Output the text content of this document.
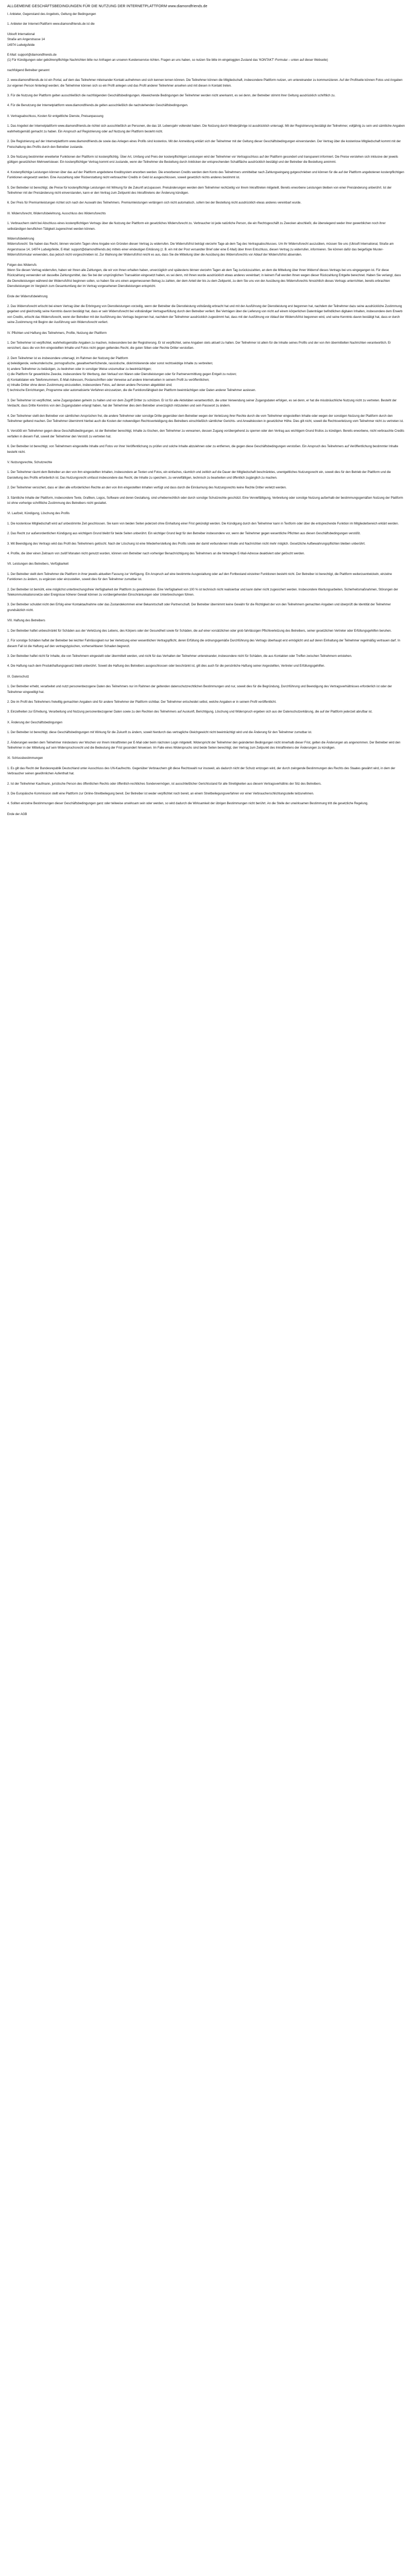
ALLGEMEINE GESCHÄFTSBEDINGUNGEN FÜR DIE NUTZUNG DER INTERNETPLATTFORM www.diamondfriends.de

I. Anbieter, Gegenstand des Angebots, Geltung der Bedingungen

1. Anbieter der Internet-Plattform www.diamondfriends.de ist die

Ubisoft International
Straße am Angerstrasse 14
14974 Ludwigsfelde

E-Mail: support@diamondfriends.de
(1) Für Kündigungen oder gebührenpflichtige Nachrichten bitte nur Anfragen an unseren Kundenservice richten. Fragen an uns haben, so nutzen Sie bitte im eingeloggten Zustand das 'KONTAKT'-Formular – unten auf dieser Webseite)

nachfolgend Betreiber genannt

2. www.diamondfriends.de ist ein Portal, auf dem das Teilnehmer miteinander Kontakt aufnehmen und sich kennen lernen können. Die Teilnehmer können die Mitgliedschaft, insbesondere Plattform nutzen, um untereinander zu kommunizieren. Auf der Profilseite können Fotos und Angaben zur eigenen Person hinterlegt werden; die Teilnehmer können sich so ein Profil anlegen und das Profil anderer Teilnehmer ansehen und mit diesen in Kontakt treten.

3. Für die Nutzung der Plattform gelten ausschließlich die nachfolgenden Geschäftsbedingungen. Abweichende Bedingungen der Teilnehmer werden nicht anerkannt, es sei denn, der Betreiber stimmt ihrer Geltung ausdrücklich schriftlich zu.

4. Für die Benutzung der Internetplattform www.diamondfriends.de gelten ausschließlich die nachstehenden Geschäftsbedingungen.

II. Vertragsabschluss, Kosten für entgeltliche Dienste, Preisanpassung

1. Das Angebot der Internetplattform www.diamondfriends.de richtet sich ausschließlich an Personen, die das 18. Lebensjahr vollendet haben. Die Nutzung durch Minderjährige ist ausdrücklich untersagt. Mit der Registrierung bestätigt der Teilnehmer, volljährig zu sein und sämtliche Angaben wahrheitsgemäß gemacht zu haben. Ein Anspruch auf Registrierung oder auf Nutzung der Plattform besteht nicht.

2. Die Registrierung auf der Internetplattform www.diamondfriends.de sowie das Anlegen eines Profils sind kostenlos. Mit der Anmeldung erklärt sich der Teilnehmer mit der Geltung dieser Geschäftsbedingungen einverstanden. Der Vertrag über die kostenlose Mitgliedschaft kommt mit der Freischaltung des Profils durch den Betreiber zustande.

3. Die Nutzung bestimmter erweiterter Funktionen der Plattform ist kostenpflichtig. Über Art, Umfang und Preis der kostenpflichtigen Leistungen wird der Teilnehmer vor Vertragsschluss auf der Plattform gesondert und transparent informiert. Die Preise verstehen sich inklusive der jeweils gültigen gesetzlichen Mehrwertsteuer. Ein kostenpflichtiger Vertrag kommt erst zustande, wenn der Teilnehmer die Bestellung durch Anklicken der entsprechenden Schaltfläche ausdrücklich bestätigt und der Betreiber die Bestellung annimmt.

4. Kostenpflichtige Leistungen können über das auf der Plattform angebotene Kreditsystem erworben werden. Die erworbenen Credits werden dem Konto des Teilnehmers unmittelbar nach Zahlungseingang gutgeschrieben und können für die auf der Plattform angebotenen kostenpflichtigen Funktionen eingesetzt werden. Eine Auszahlung oder Rückerstattung nicht verbrauchter Credits in Geld ist ausgeschlossen, soweit gesetzlich nichts anderes bestimmt ist.

5. Der Betreiber ist berechtigt, die Preise für kostenpflichtige Leistungen mit Wirkung für die Zukunft anzupassen. Preisänderungen werden dem Teilnehmer rechtzeitig vor ihrem Inkrafttreten mitgeteilt. Bereits erworbene Leistungen bleiben von einer Preisänderung unberührt. Ist der Teilnehmer mit der Preisänderung nicht einverstanden, kann er den Vertrag zum Zeitpunkt des Inkrafttretens der Änderung kündigen.

6. Der Preis für Premiumleistungen richtet sich nach der Auswahl des Teilnehmers. Premiumleistungen verlängern sich nicht automatisch, sofern bei der Bestellung nicht ausdrücklich etwas anderes vereinbart wurde.

III. Widerrufsrecht, Widerrufsbelehrung, Ausschluss des Widerrufsrechts

1. Verbrauchern steht bei Abschluss eines kostenpflichtigen Vertrags über die Nutzung der Plattform ein gesetzliches Widerrufsrecht zu. Verbraucher ist jede natürliche Person, die ein Rechtsgeschäft zu Zwecken abschließt, die überwiegend weder ihrer gewerblichen noch ihrer selbständigen beruflichen Tätigkeit zugerechnet werden können.

Widerrufsbelehrung
Widerrufsrecht: Sie haben das Recht, binnen vierzehn Tagen ohne Angabe von Gründen diesen Vertrag zu widerrufen. Die Widerrufsfrist beträgt vierzehn Tage ab dem Tag des Vertragsabschlusses. Um Ihr Widerrufsrecht auszuüben, müssen Sie uns (Ubisoft International, Straße am Angerstrasse 14, 14974 Ludwigsfelde, E-Mail: support@diamondfriends.de) mittels einer eindeutigen Erklärung (z. B. ein mit der Post versandter Brief oder eine E-Mail) über Ihren Entschluss, diesen Vertrag zu widerrufen, informieren. Sie können dafür das beigefügte Muster-Widerrufsformular verwenden, das jedoch nicht vorgeschrieben ist. Zur Wahrung der Widerrufsfrist reicht es aus, dass Sie die Mitteilung über die Ausübung des Widerrufsrechts vor Ablauf der Widerrufsfrist absenden.

Folgen des Widerrufs
Wenn Sie diesen Vertrag widerrufen, haben wir Ihnen alle Zahlungen, die wir von Ihnen erhalten haben, unverzüglich und spätestens binnen vierzehn Tagen ab dem Tag zurückzuzahlen, an dem die Mitteilung über Ihren Widerruf dieses Vertrags bei uns eingegangen ist. Für diese Rückzahlung verwenden wir dasselbe Zahlungsmittel, das Sie bei der ursprünglichen Transaktion eingesetzt haben, es sei denn, mit Ihnen wurde ausdrücklich etwas anderes vereinbart; in keinem Fall werden Ihnen wegen dieser Rückzahlung Entgelte berechnet. Haben Sie verlangt, dass die Dienstleistungen während der Widerrufsfrist beginnen sollen, so haben Sie uns einen angemessenen Betrag zu zahlen, der dem Anteil der bis zu dem Zeitpunkt, zu dem Sie uns von der Ausübung des Widerrufsrechts hinsichtlich dieses Vertrags unterrichten, bereits erbrachten Dienstleistungen im Vergleich zum Gesamtumfang der im Vertrag vorgesehenen Dienstleistungen entspricht.

Ende der Widerrufsbelehrung

2. Das Widerrufsrecht erlischt bei einem Vertrag über die Erbringung von Dienstleistungen vorzeitig, wenn der Betreiber die Dienstleistung vollständig erbracht hat und mit der Ausführung der Dienstleistung erst begonnen hat, nachdem der Teilnehmer dazu seine ausdrückliche Zustimmung gegeben und gleichzeitig seine Kenntnis davon bestätigt hat, dass er sein Widerrufsrecht bei vollständiger Vertragserfüllung durch den Betreiber verliert. Bei Verträgen über die Lieferung von nicht auf einem körperlichen Datenträger befindlichen digitalen Inhalten, insbesondere dem Erwerb von Credits, erlischt das Widerrufsrecht, wenn der Betreiber mit der Ausführung des Vertrags begonnen hat, nachdem der Teilnehmer ausdrücklich zugestimmt hat, dass mit der Ausführung vor Ablauf der Widerrufsfrist begonnen wird, und seine Kenntnis davon bestätigt hat, dass er durch seine Zustimmung mit Beginn der Ausführung sein Widerrufsrecht verliert.

IV. Pflichten und Haftung des Teilnehmers, Profile, Nutzung der Plattform

1. Der Teilnehmer ist verpflichtet, wahrheitsgemäße Angaben zu machen, insbesondere bei der Registrierung. Er ist verpflichtet, seine Angaben stets aktuell zu halten. Der Teilnehmer ist allein für die Inhalte seines Profils und der von ihm übermittelten Nachrichten verantwortlich. Er versichert, dass die von ihm eingestellten Inhalte und Fotos nicht gegen geltendes Recht, die guten Sitten oder Rechte Dritter verstoßen.

2. Dem Teilnehmer ist es insbesondere untersagt, im Rahmen der Nutzung der Plattform
a) beleidigende, verleumderische, pornografische, gewaltverherrlichende, rassistische, diskriminierende oder sonst rechtswidrige Inhalte zu verbreiten;
b) andere Teilnehmer zu belästigen, zu bedrohen oder in sonstiger Weise unzumutbar zu beeinträchtigen;
c) die Plattform für gewerbliche Zwecke, insbesondere für Werbung, den Verkauf von Waren oder Dienstleistungen oder für Partnervermittlung gegen Entgelt zu nutzen;
d) Kontaktdaten wie Telefonnummern, E-Mail-Adressen, Postanschriften oder Verweise auf andere Internetseiten in seinem Profil zu veröffentlichen;
e) Inhalte Dritter ohne deren Zustimmung einzustellen, insbesondere Fotos, auf denen andere Personen abgebildet sind;
f) technische Einrichtungen, Programme oder automatisierte Verfahren einzusetzen, die die Funktionsfähigkeit der Plattform beeinträchtigen oder Daten anderer Teilnehmer auslesen.

3. Der Teilnehmer ist verpflichtet, seine Zugangsdaten geheim zu halten und vor dem Zugriff Dritter zu schützen. Er ist für alle Aktivitäten verantwortlich, die unter Verwendung seiner Zugangsdaten erfolgen, es sei denn, er hat die missbräuchliche Nutzung nicht zu vertreten. Besteht der Verdacht, dass Dritte Kenntnis von den Zugangsdaten erlangt haben, hat der Teilnehmer dies dem Betreiber unverzüglich mitzuteilen und sein Passwort zu ändern.

4. Der Teilnehmer stellt den Betreiber von sämtlichen Ansprüchen frei, die andere Teilnehmer oder sonstige Dritte gegenüber dem Betreiber wegen der Verletzung ihrer Rechte durch die vom Teilnehmer eingestellten Inhalte oder wegen der sonstigen Nutzung der Plattform durch den Teilnehmer geltend machen. Der Teilnehmer übernimmt hierbei auch die Kosten der notwendigen Rechtsverteidigung des Betreibers einschließlich sämtlicher Gerichts- und Anwaltskosten in gesetzlicher Höhe. Dies gilt nicht, soweit die Rechtsverletzung vom Teilnehmer nicht zu vertreten ist.

5. Verstößt ein Teilnehmer gegen diese Geschäftsbedingungen, ist der Betreiber berechtigt, Inhalte zu löschen, den Teilnehmer zu verwarnen, dessen Zugang vorübergehend zu sperren oder den Vertrag aus wichtigem Grund fristlos zu kündigen. Bereits erworbene, nicht verbrauchte Credits verfallen in diesem Fall, soweit der Teilnehmer den Verstoß zu vertreten hat.

6. Der Betreiber ist berechtigt, von Teilnehmern eingestellte Inhalte und Fotos vor ihrer Veröffentlichung zu prüfen und solche Inhalte abzulehnen oder zu entfernen, die gegen diese Geschäftsbedingungen verstoßen. Ein Anspruch des Teilnehmers auf Veröffentlichung bestimmter Inhalte besteht nicht.

V. Nutzungsrechte, Schutzrechte

1. Der Teilnehmer räumt dem Betreiber an den von ihm eingestellten Inhalten, insbesondere an Texten und Fotos, ein einfaches, räumlich und zeitlich auf die Dauer der Mitgliedschaft beschränktes, unentgeltliches Nutzungsrecht ein, soweit dies für den Betrieb der Plattform und die Darstellung des Profils erforderlich ist. Das Nutzungsrecht umfasst insbesondere das Recht, die Inhalte zu speichern, zu vervielfältigen, technisch zu bearbeiten und öffentlich zugänglich zu machen.

2. Der Teilnehmer versichert, dass er über alle erforderlichen Rechte an den von ihm eingestellten Inhalten verfügt und dass durch die Einräumung des Nutzungsrechts keine Rechte Dritter verletzt werden.

3. Sämtliche Inhalte der Plattform, insbesondere Texte, Grafiken, Logos, Software und deren Gestaltung, sind urheberrechtlich oder durch sonstige Schutzrechte geschützt. Eine Vervielfältigung, Verbreitung oder sonstige Nutzung außerhalb der bestimmungsgemäßen Nutzung der Plattform ist ohne vorherige schriftliche Zustimmung des Betreibers nicht gestattet.

VI. Laufzeit, Kündigung, Löschung des Profils

1. Die kostenlose Mitgliedschaft wird auf unbestimmte Zeit geschlossen. Sie kann von beiden Seiten jederzeit ohne Einhaltung einer Frist gekündigt werden. Die Kündigung durch den Teilnehmer kann in Textform oder über die entsprechende Funktion im Mitgliederbereich erklärt werden.

2. Das Recht zur außerordentlichen Kündigung aus wichtigem Grund bleibt für beide Seiten unberührt. Ein wichtiger Grund liegt für den Betreiber insbesondere vor, wenn der Teilnehmer gegen wesentliche Pflichten aus diesen Geschäftsbedingungen verstößt.

3. Mit Beendigung des Vertrags wird das Profil des Teilnehmers gelöscht. Nach der Löschung ist eine Wiederherstellung des Profils sowie der damit verbundenen Inhalte und Nachrichten nicht mehr möglich. Gesetzliche Aufbewahrungspflichten bleiben unberührt.

4. Profile, die über einen Zeitraum von zwölf Monaten nicht genutzt wurden, können vom Betreiber nach vorheriger Benachrichtigung des Teilnehmers an die hinterlegte E-Mail-Adresse deaktiviert oder gelöscht werden.

VII. Leistungen des Betreibers, Verfügbarkeit

1. Der Betreiber stellt dem Teilnehmer die Plattform in ihrer jeweils aktuellen Fassung zur Verfügung. Ein Anspruch auf eine bestimmte Ausgestaltung oder auf den Fortbestand einzelner Funktionen besteht nicht. Der Betreiber ist berechtigt, die Plattform weiterzuentwickeln, einzelne Funktionen zu ändern, zu ergänzen oder einzustellen, soweit dies für den Teilnehmer zumutbar ist.

2. Der Betreiber ist bemüht, eine möglichst unterbrechungsfreie Verfügbarkeit der Plattform zu gewährleisten. Eine Verfügbarkeit von 100 % ist technisch nicht realisierbar und kann daher nicht zugesichert werden. Insbesondere Wartungsarbeiten, Sicherheitsmaßnahmen, Störungen der Telekommunikationsnetze oder Ereignisse höherer Gewalt können zu vorübergehenden Einschränkungen oder Unterbrechungen führen.

3. Der Betreiber schuldet nicht den Erfolg einer Kontaktaufnahme oder das Zustandekommen einer Bekanntschaft oder Partnerschaft. Der Betreiber übernimmt keine Gewähr für die Richtigkeit der von den Teilnehmern gemachten Angaben und überprüft die Identität der Teilnehmer grundsätzlich nicht.

VIII. Haftung des Betreibers

1. Der Betreiber haftet unbeschränkt für Schäden aus der Verletzung des Lebens, des Körpers oder der Gesundheit sowie für Schäden, die auf einer vorsätzlichen oder grob fahrlässigen Pflichtverletzung des Betreibers, seiner gesetzlichen Vertreter oder Erfüllungsgehilfen beruhen.

2. Für sonstige Schäden haftet der Betreiber bei leichter Fahrlässigkeit nur bei Verletzung einer wesentlichen Vertragspflicht, deren Erfüllung die ordnungsgemäße Durchführung des Vertrags überhaupt erst ermöglicht und auf deren Einhaltung der Teilnehmer regelmäßig vertrauen darf. In diesem Fall ist die Haftung auf den vertragstypischen, vorhersehbaren Schaden begrenzt.

3. Der Betreiber haftet nicht für Inhalte, die von Teilnehmern eingestellt oder übermittelt werden, und nicht für das Verhalten der Teilnehmer untereinander, insbesondere nicht für Schäden, die aus Kontakten oder Treffen zwischen Teilnehmern entstehen.

4. Die Haftung nach dem Produkthaftungsgesetz bleibt unberührt. Soweit die Haftung des Betreibers ausgeschlossen oder beschränkt ist, gilt dies auch für die persönliche Haftung seiner Angestellten, Vertreter und Erfüllungsgehilfen.

IX. Datenschutz

1. Der Betreiber erhebt, verarbeitet und nutzt personenbezogene Daten des Teilnehmers nur im Rahmen der geltenden datenschutzrechtlichen Bestimmungen und nur, soweit dies für die Begründung, Durchführung und Beendigung des Vertragsverhältnisses erforderlich ist oder der Teilnehmer eingewilligt hat.

2. Die im Profil des Teilnehmers freiwillig gemachten Angaben sind für andere Teilnehmer der Plattform sichtbar. Der Teilnehmer entscheidet selbst, welche Angaben er in seinem Profil veröffentlicht.

3. Einzelheiten zur Erhebung, Verarbeitung und Nutzung personenbezogener Daten sowie zu den Rechten des Teilnehmers auf Auskunft, Berichtigung, Löschung und Widerspruch ergeben sich aus der Datenschutzerklärung, die auf der Plattform jederzeit abrufbar ist.

X. Änderung der Geschäftsbedingungen

1. Der Betreiber ist berechtigt, diese Geschäftsbedingungen mit Wirkung für die Zukunft zu ändern, soweit hierdurch das vertragliche Gleichgewicht nicht beeinträchtigt wird und die Änderung für den Teilnehmer zumutbar ist.

2. Änderungen werden dem Teilnehmer mindestens vier Wochen vor ihrem Inkrafttreten per E-Mail oder beim nächsten Login mitgeteilt. Widerspricht der Teilnehmer den geänderten Bedingungen nicht innerhalb dieser Frist, gelten die Änderungen als angenommen. Der Betreiber wird den Teilnehmer in der Mitteilung auf sein Widerspruchsrecht und die Bedeutung der Frist gesondert hinweisen. Im Falle eines Widerspruchs sind beide Seiten berechtigt, den Vertrag zum Zeitpunkt des Inkrafttretens der Änderungen zu kündigen.

XI. Schlussbestimmungen

1. Es gilt das Recht der Bundesrepublik Deutschland unter Ausschluss des UN-Kaufrechts. Gegenüber Verbrauchern gilt diese Rechtswahl nur insoweit, als dadurch nicht der Schutz entzogen wird, der durch zwingende Bestimmungen des Rechts des Staates gewährt wird, in dem der Verbraucher seinen gewöhnlichen Aufenthalt hat.

2. Ist der Teilnehmer Kaufmann, juristische Person des öffentlichen Rechts oder öffentlich-rechtliches Sondervermögen, ist ausschließlicher Gerichtsstand für alle Streitigkeiten aus diesem Vertragsverhältnis der Sitz des Betreibers.

3. Die Europäische Kommission stellt eine Plattform zur Online-Streitbeilegung bereit. Der Betreiber ist weder verpflichtet noch bereit, an einem Streitbeilegungsverfahren vor einer Verbraucherschlichtungsstelle teilzunehmen.

4. Sollten einzelne Bestimmungen dieser Geschäftsbedingungen ganz oder teilweise unwirksam sein oder werden, so wird dadurch die Wirksamkeit der übrigen Bestimmungen nicht berührt. An die Stelle der unwirksamen Bestimmung tritt die gesetzliche Regelung.

Ende der AGB
